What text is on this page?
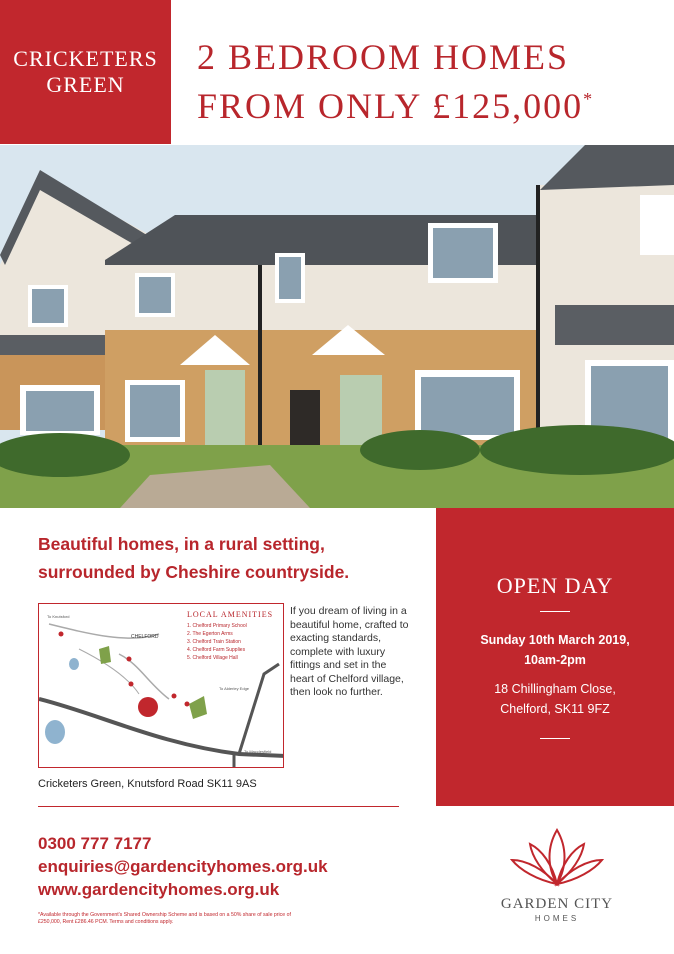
CRICKETERS
GREEN
2 BEDROOM HOMES
FROM ONLY £125,000*
Beautiful homes, in a rural setting,
surrounded by Cheshire countryside.
CHELFORD
To Knutsford
To Alderley Edge
To Macclesfield
LOCAL AMENITIES
1. Chelford Primary School
2. The Egerton Arms
3. Chelford Train Station
4. Chelford Farm Supplies
5. Chelford Village Hall
If you dream of living in a beautiful home, crafted to exacting standards, complete with luxury fittings and set in the heart of Chelford village, then look no further.
Cricketers Green, Knutsford Road SK11 9AS
OPEN DAY
Sunday 10th March 2019,
10am-2pm
18 Chillingham Close,
Chelford, SK11 9FZ
0300 777 7177
enquiries@gardencityhomes.org.uk
www.gardencityhomes.org.uk
*Available through the Government's Shared Ownership Scheme and is based on a 50% share of sale price of £250,000, Rent £286.46 PCM. Terms and conditions apply.
GARDEN CITY
HOMES
